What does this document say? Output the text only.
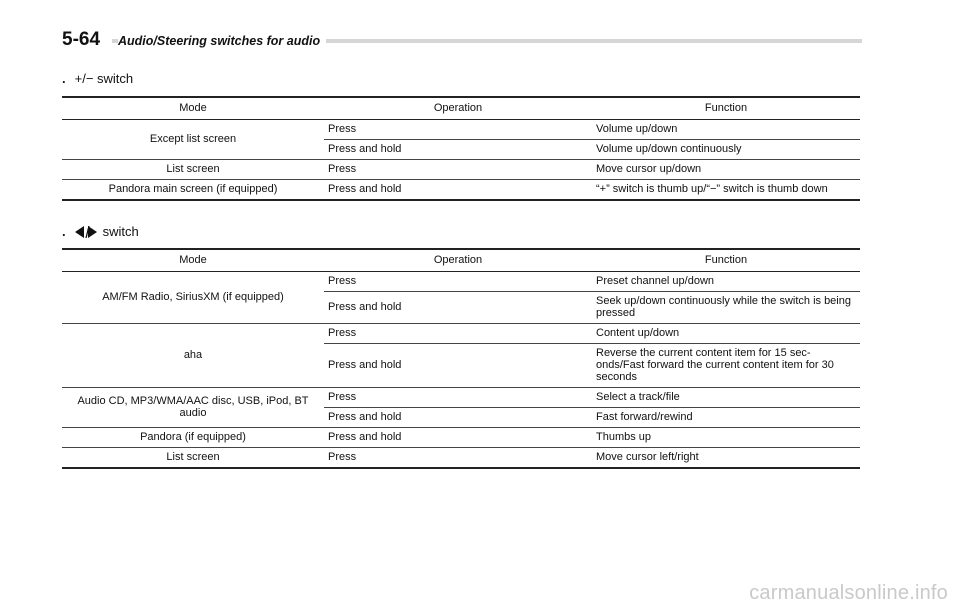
5-64	Audio/Steering switches for audio
. +/− switch
Mode	Operation	Function
Except list screen	Press	Volume up/down
	Press and hold	Volume up/down continuously
List screen	Press	Move cursor up/down
Pandora main screen (if equipped)	Press and hold	“+” switch is thumb up/“−” switch is thumb down
.	switch
Mode	Operation	Function
AM/FM Radio, SiriusXM (if equipped)	Press	Preset channel up/down
	Press and hold	Seek up/down continuously while the switch is being pressed
aha	Press	Content up/down
	Press and hold	Reverse the current content item for 15 sec-onds/Fast forward the current content item for 30 seconds
Audio CD, MP3/WMA/AAC disc, USB, iPod, BT audio	Press	Select a track/file
	Press and hold	Fast forward/rewind
Pandora (if equipped)	Press and hold	Thumbs up
List screen	Press	Move cursor left/right
carmanualsonline.info
